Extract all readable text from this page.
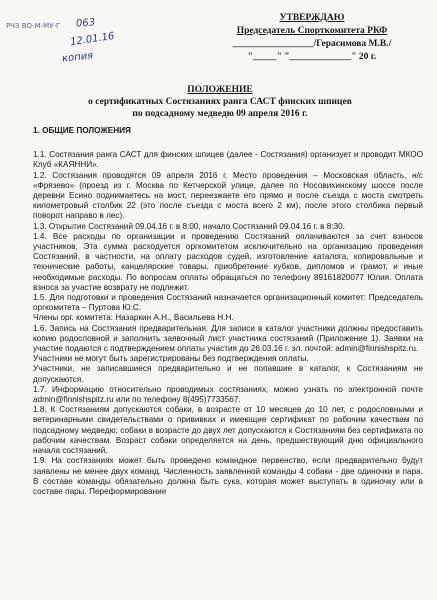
РЧЗ ВО-М-МУ-Г 063
12.01.16
копия
УТВЕРЖДАЮ
Председатель Спорткомитета РКФ
_________________/Герасимова М.В./
"_____" "_____________" 20 г.
ПОЛОЖЕНИЕ
о сертификатных Состязаниях ранга САСТ финских шпицев
по подсадному медведю 09 апреля 2016 г.
1. ОБЩИЕ ПОЛОЖЕНИЯ

1.1. Состязания ранга САСТ для финских шпицев (далее - Состязания) организует и проводит МКОО Клуб «КАЯННИ».

1.2. Состязания проводятся 09 апреля 2016 г. Место проведения – Московская область, н/с «Фрязево» (проезд из г. Москва по Кетчерской улице, далее по Носовихинскому шоссе после деревни Есино поднимаетесь на мост, переезжаете его прямо и после съезда с моста смотреть километровый столбик 22 (это после съезда с моста всего 2 км), после этого столбика первый поворот направо в лес).

1.3. Открытие Состязаний 09.04.16 г. в 8:00, начало Состязаний 09.04.16 г. в 8:30.

1.4. Все расходы по организации и проведению Состязаний оплачиваются за счет взносов участников. Эта сумма расходуется оргкомитетом исключительно на организацию проведения Состязаний, в частности, на оплату расходов судей, изготовление каталога, копировальные и технические работы, канцелярские товары, приобретение кубков, дипломов и грамот, и иные необходимые расходы. По вопросам оплаты обращаться по телефону 89161820077 Юлия. Оплата взноса за участие возврату не подлежит.

1.5. Для подготовки и проведения Состязаний назначается организационный комитет: Председатель оргкомитета – Пуртова Ю.С.

Члены орг. комитета: Назаркин А.Н., Васильева Н.Н.

1.6. Запись на Состязания предварительная. Для записи в каталог участники должны предоставить копию родословной и заполнить заявочный лист участника состязаний (Приложение 1). Заявки на участие подаются с подтверждением оплаты участия до 26.03.16 г. эл. почтой: admin@finnishspitz.ru.

Участники не могут быть зарегистрированы без подтверждения оплаты.

Участники, не записавшиеся предварительно и не попавшие в каталог, к Состязаниям не допускаются.

1.7. Информацию относительно проводимых состязаниях, можно узнать по электронной почте admin@finnishspitz.ru или по телефону 8(495)7733567.

1.8. К Состязаниям допускаются собаки, в возрасте от 10 месяцев до 10 лет, с родословными и ветеринарными свидетельствами о прививках и имеющие сертификат по рабочим качествам по подсадному медведю; собаки в возрасте до двух лет допускаются к Состязаниям без сертификата по рабочим качествам. Возраст собаки определяется на день, предшествующий дню официального начала состязаний.

1.9. На состязаниях может быть проведено командное первенство, если предварительно будут заявлены не менее двух команд. Численность заявленной команды 4 собаки - две одиночки и пара. В составе команды обязательно должна быть сука, которая может выступать в одиночку или в составе пары. Переформирование
